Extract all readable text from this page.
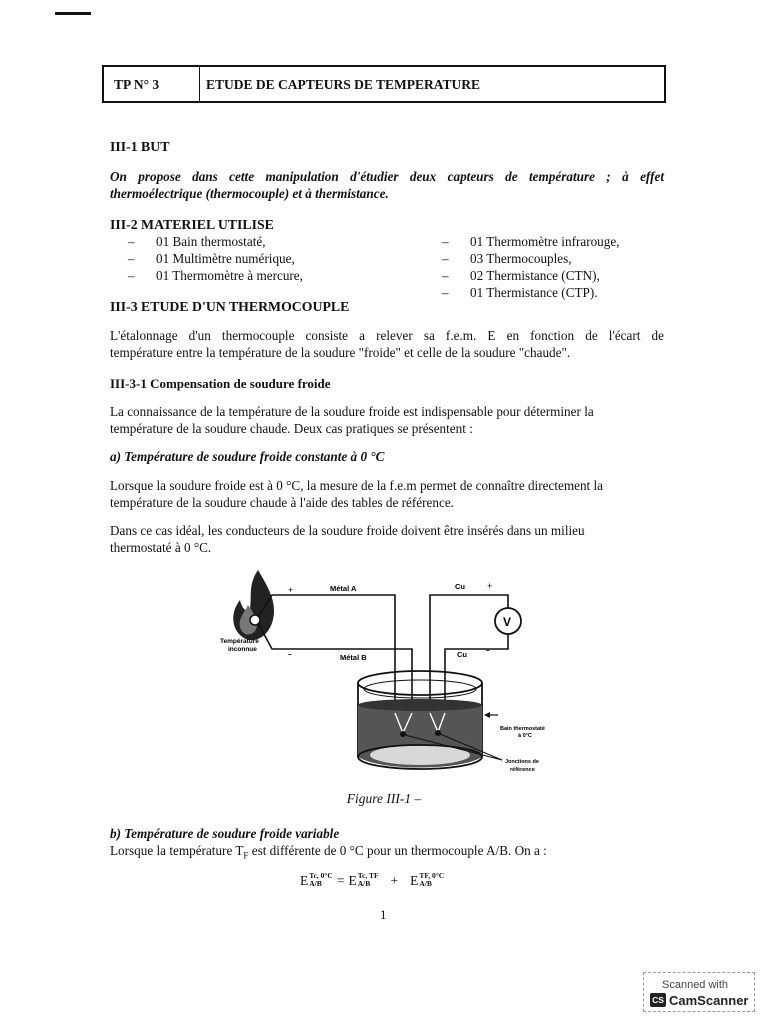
TP N° 3	ETUDE DE CAPTEURS DE TEMPERATURE
III-1 BUT

On propose dans cette manipulation d'étudier deux capteurs de température ; à effet

thermoélectrique (thermocouple) et à thermistance.

III-2 MATERIEL UTILISE
– 01 Bain thermostaté,
– 01 Multimètre numérique,
– 01 Thermomètre à mercure,
– 01 Thermomètre infrarouge,
– 03 Thermocouples,
– 02 Thermistance (CTN),
– 01 Thermistance (CTP).
III-3 ETUDE D'UN THERMOCOUPLE

L'étalonnage d'un thermocouple consiste a relever sa f.e.m. E en fonction de l'écart de

température entre la température de la soudure "froide" et celle de la soudure "chaude".

III-3-1 Compensation de soudure froide

La connaissance de la température de la soudure froide est indispensable pour déterminer la

température de la soudure chaude. Deux cas pratiques se présentent :

a) Température de soudure froide constante à 0 °C

Lorsque la soudure froide est à 0 °C, la mesure de la f.e.m permet de connaître directement la

température de la soudure chaude à l'aide des tables de référence.

Dans ce cas idéal, les conducteurs de la soudure froide doivent être insérés dans un milieu

thermostaté à 0 °C.

Température
inconnue
Métal A
Métal B
+
-
Cu
Cu
+
-
V
Bain thermostaté
à 0°C
Jonctions de
référence
Figure III-1 –
b) Température de soudure froide variable

Lorsque la température $T_F$ est différente de 0 °C pour un thermocouple A/B. On a :

E Tc, 0°C
A/B	= E Tc, TF
A/B	+ E TF, 0°C
A/B
1
Scanned with
CS CamScanner
